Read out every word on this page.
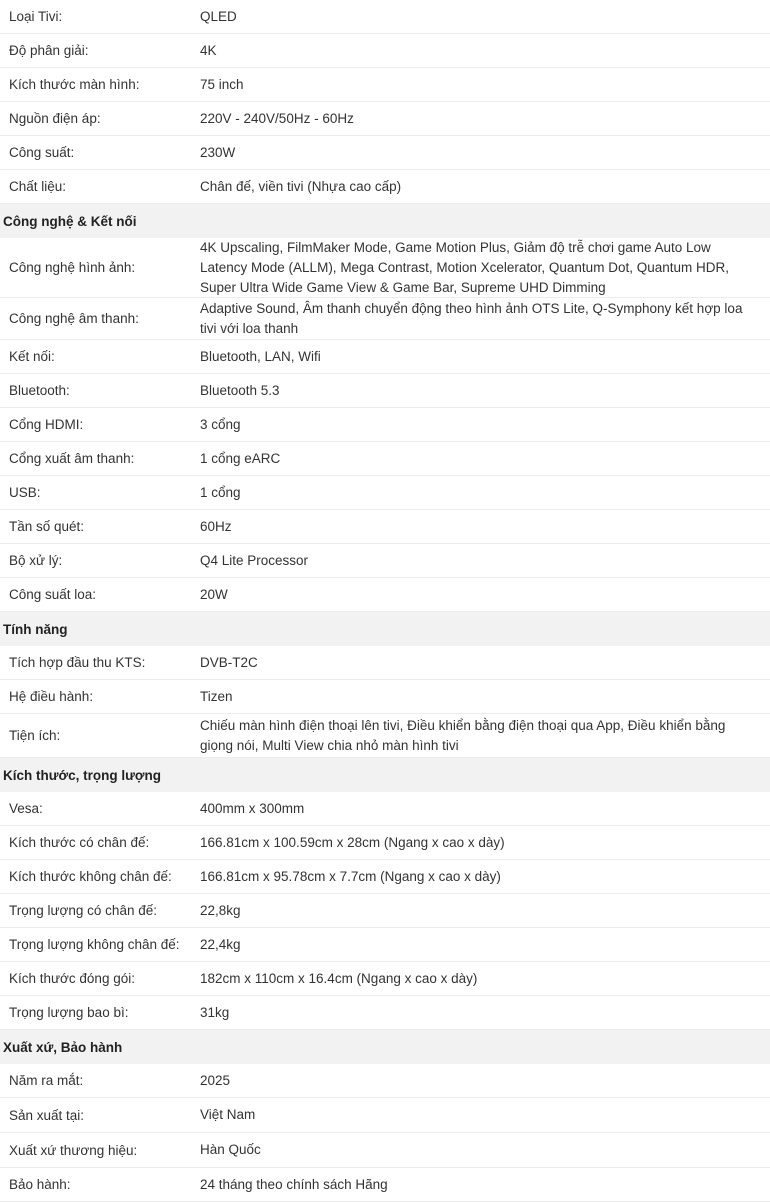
Loại Tivi:	QLED
Độ phân giải:	4K
Kích thước màn hình:	75 inch
Nguồn điện áp:	220V - 240V/50Hz - 60Hz
Công suất:	230W
Chất liệu:	Chân đế, viền tivi (Nhựa cao cấp)
Công nghệ & Kết nối
Công nghệ hình ảnh:
4K Upscaling, FilmMaker Mode, Game Motion Plus, Giảm độ trễ chơi game Auto Low Latency Mode (ALLM), Mega Contrast, Motion Xcelerator, Quantum Dot, Quantum HDR, Super Ultra Wide Game View & Game Bar, Supreme UHD Dimming
Công nghệ âm thanh:
Adaptive Sound, Âm thanh chuyển động theo hình ảnh OTS Lite, Q-Symphony kết hợp loa tivi với loa thanh
Kết nối:	Bluetooth, LAN, Wifi
Bluetooth:	Bluetooth 5.3
Cổng HDMI:	3 cổng
Cổng xuất âm thanh:	1 cổng eARC
USB:	1 cổng
Tần số quét:	60Hz
Bộ xử lý:	Q4 Lite Processor
Công suất loa:	20W
Tính năng
Tích hợp đầu thu KTS:	DVB-T2C
Hệ điều hành:	Tizen
Tiện ích:
Chiếu màn hình điện thoại lên tivi, Điều khiển bằng điện thoại qua App, Điều khiển bằng giọng nói, Multi View chia nhỏ màn hình tivi
Kích thước, trọng lượng
Vesa:	400mm x 300mm
Kích thước có chân đế:	166.81cm x 100.59cm x 28cm (Ngang x cao x dày)
Kích thước không chân đế:	166.81cm x 95.78cm x 7.7cm (Ngang x cao x dày)
Trọng lượng có chân đế:	22,8kg
Trọng lượng không chân đế:	22,4kg
Kích thước đóng gói:	182cm x 110cm x 16.4cm (Ngang x cao x dày)
Trọng lượng bao bì:	31kg
Xuất xứ, Bảo hành
Năm ra mắt:	2025
Sản xuất tại:	Việt Nam
Xuất xứ thương hiệu:	Hàn Quốc
Bảo hành:	24 tháng theo chính sách Hãng
